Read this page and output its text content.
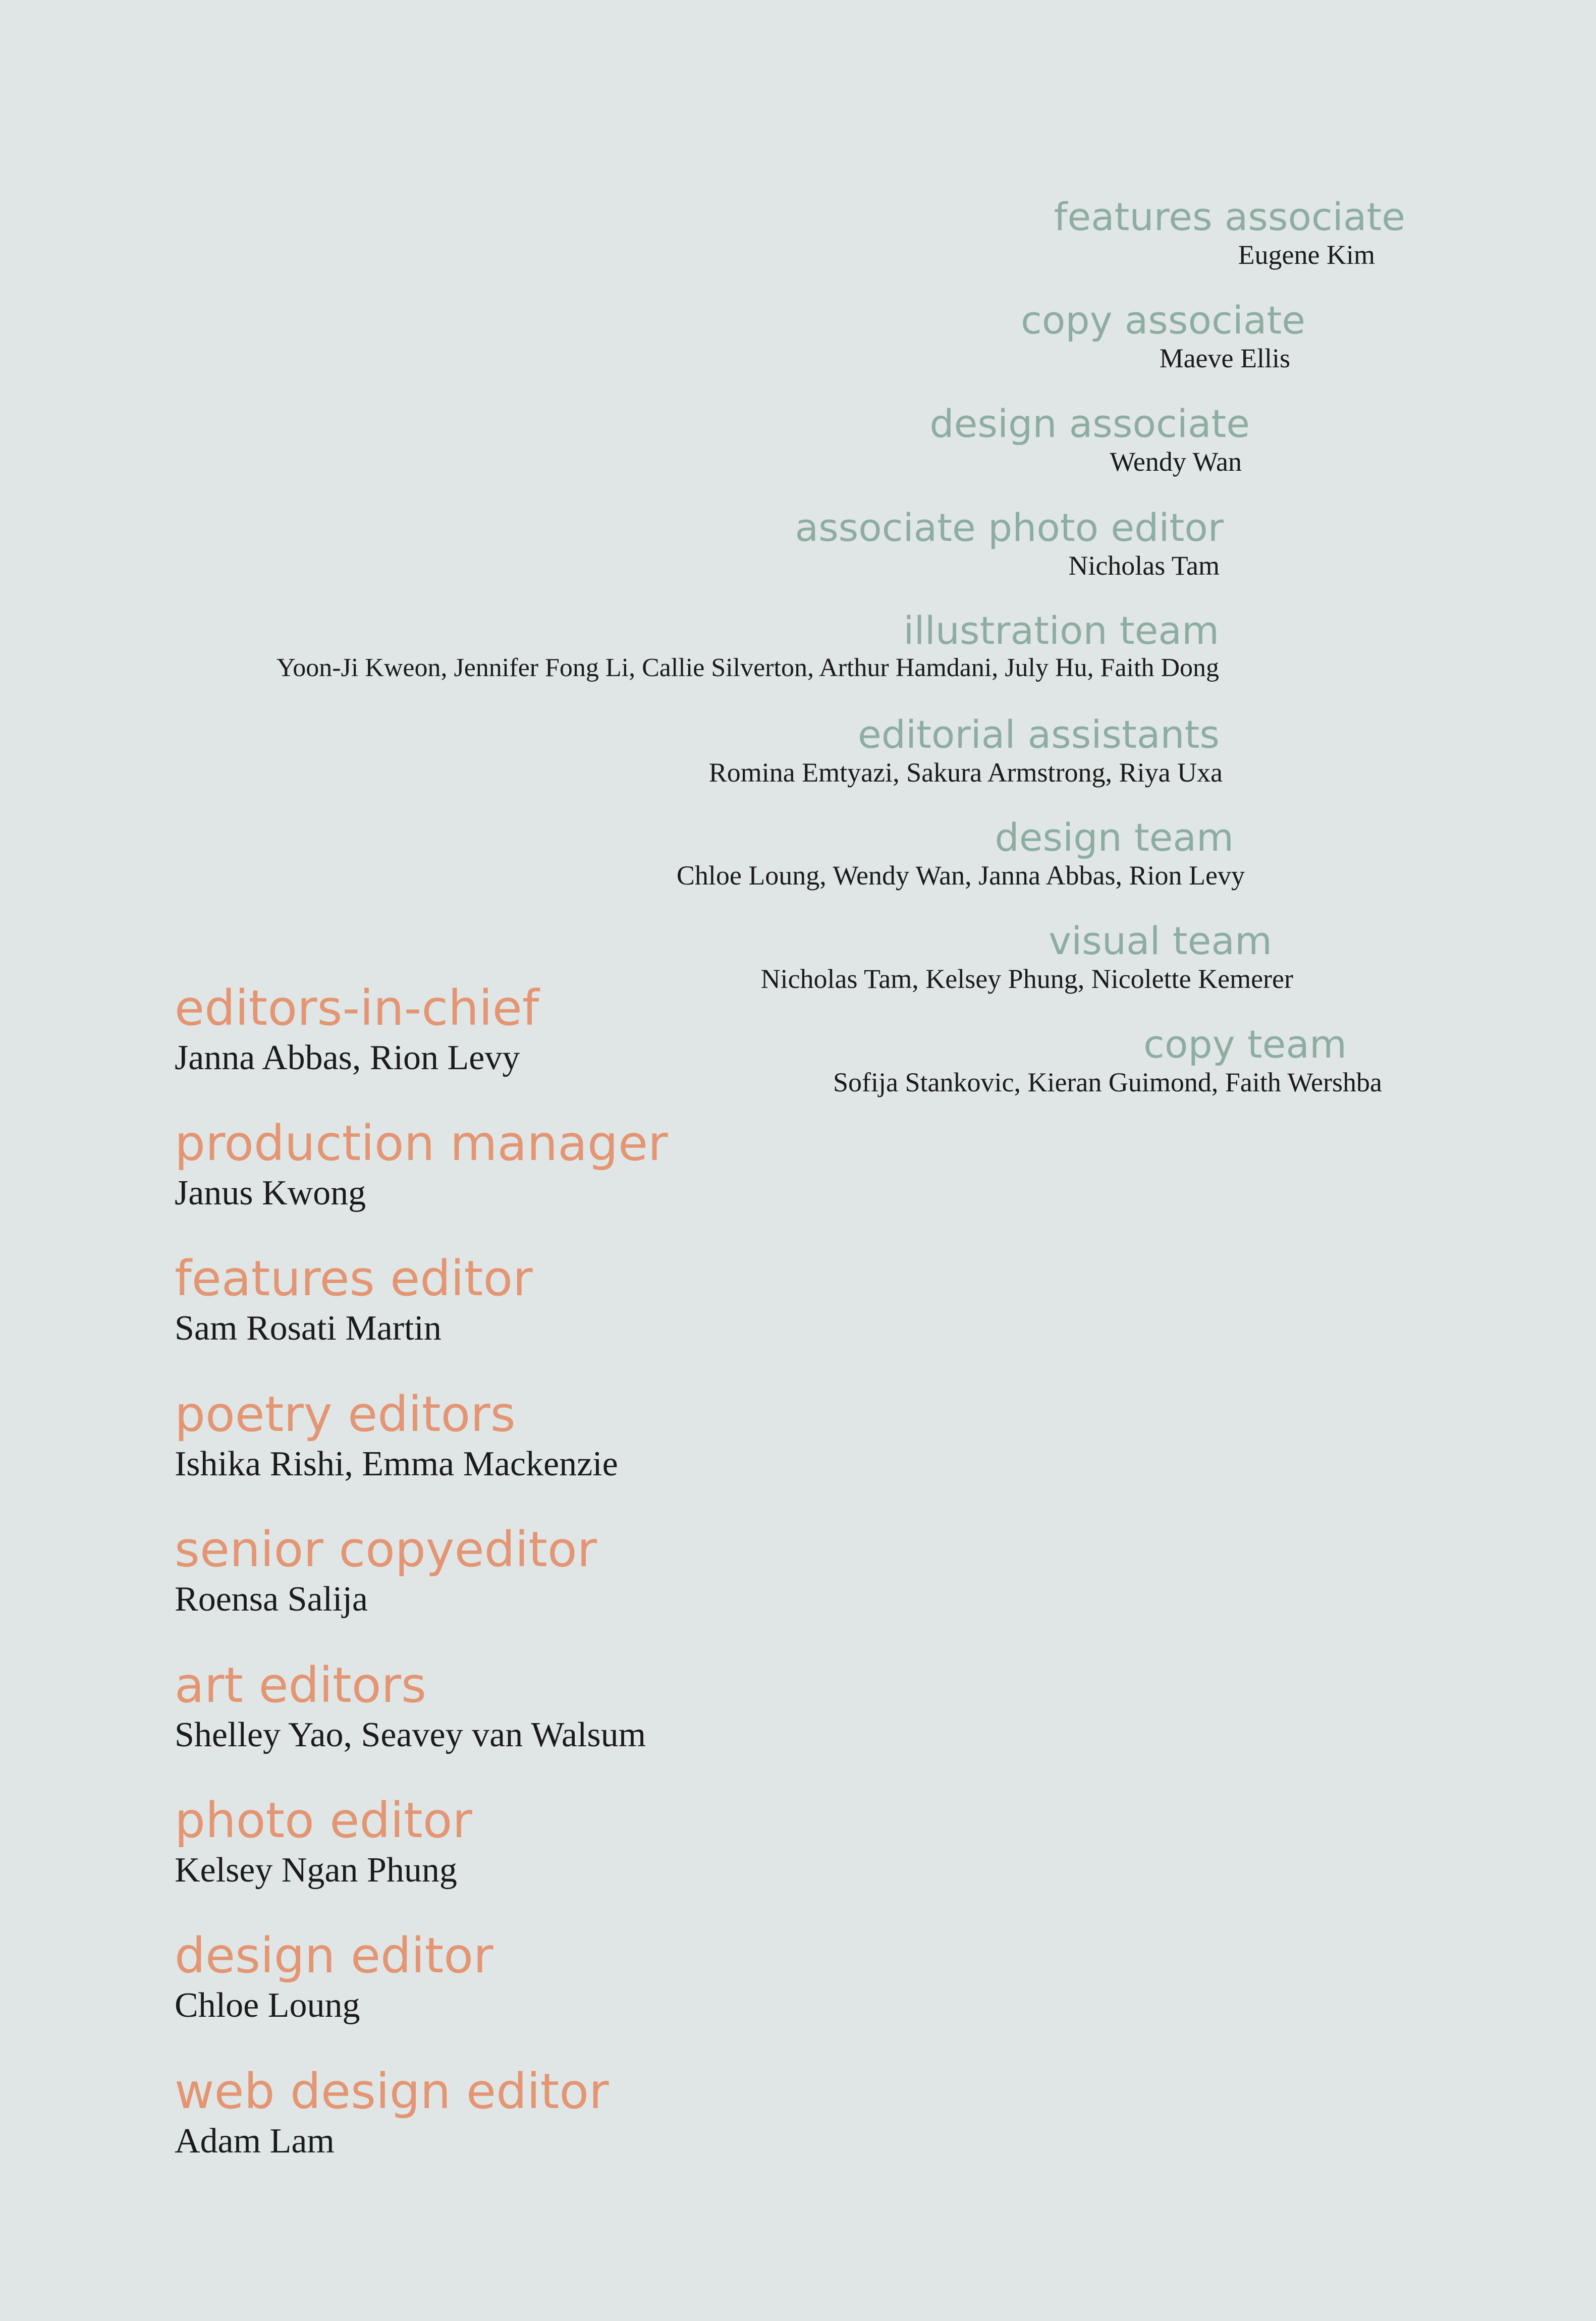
features associate
Eugene Kim
copy associate
Maeve Ellis
design associate
Wendy Wan
associate photo editor
Nicholas Tam
illustration team
Yoon-Ji Kweon, Jennifer Fong Li, Callie Silverton, Arthur Hamdani, July Hu, Faith Dong
editorial assistants
Romina Emtyazi, Sakura Armstrong, Riya Uxa
design team
Chloe Loung, Wendy Wan, Janna Abbas, Rion Levy
visual team
Nicholas Tam, Kelsey Phung, Nicolette Kemerer
copy team
Sofija Stankovic, Kieran Guimond, Faith Wershba
editors-in-chief
Janna Abbas, Rion Levy
production manager
Janus Kwong
features editor
Sam Rosati Martin
poetry editors
Ishika Rishi, Emma Mackenzie
senior copyeditor
Roensa Salija
art editors
Shelley Yao, Seavey van Walsum
photo editor
Kelsey Ngan Phung
design editor
Chloe Loung
web design editor
Adam Lam
